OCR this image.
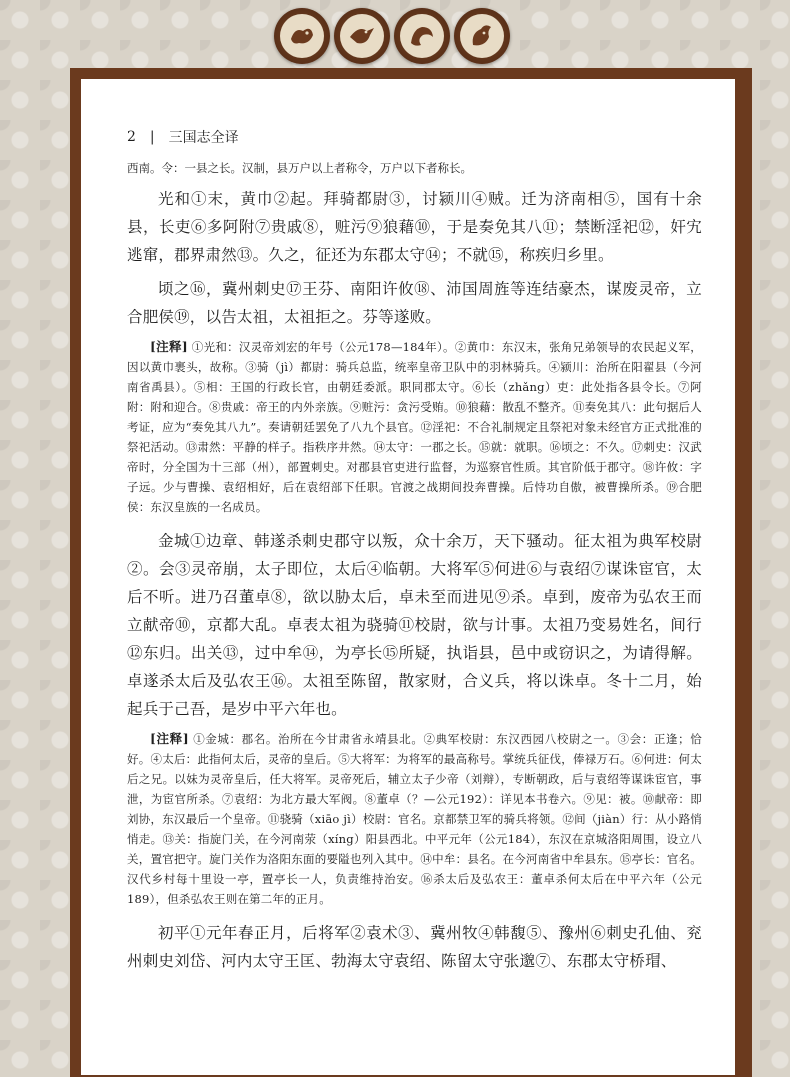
2 | 三国志全译
西南。令：一县之长。汉制，县万户以上者称令，万户以下者称长。

光和①末，黄巾②起。拜骑都尉③，讨颍川④贼。迁为济南相⑤，国有十余县，长吏⑥多阿附⑦贵戚⑧，赃污⑨狼藉⑩，于是奏免其八⑪；禁断淫祀⑫，奸宄逃窜，郡界肃然⑬。久之，征还为东郡太守⑭；不就⑮，称疾归乡里。

顷之⑯，冀州刺史⑰王芬、南阳许攸⑱、沛国周旌等连结豪杰，谋废灵帝，立合肥侯⑲，以告太祖，太祖拒之。芬等遂败。

[注释] ①光和：汉灵帝刘宏的年号（公元178—184年）。②黄巾：东汉末，张角兄弟领导的农民起义军，因以黄巾裹头，故称。③骑（jì）都尉：骑兵总监，统率皇帝卫队中的羽林骑兵。④颍川：治所在阳翟县（今河南省禹县）。⑤相：王国的行政长官，由朝廷委派。职同郡太守。⑥长（zhǎng）吏：此处指各县令长。⑦阿附：附和迎合。⑧贵戚：帝王的内外亲族。⑨赃污：贪污受贿。⑩狼藉：散乱不整齐。⑪奏免其八：此句据后人考证，应为“奏免其八九”。奏请朝廷罢免了八九个县官。⑫淫祀：不合礼制规定且祭祀对象未经官方正式批准的祭祀活动。⑬肃然：平静的样子。指秩序井然。⑭太守：一郡之长。⑮就：就职。⑯顷之：不久。⑰刺史：汉武帝时，分全国为十三部（州），部置刺史。对郡县官吏进行监督，为巡察官性质。其官阶低于郡守。⑱许攸：字子远。少与曹操、袁绍相好，后在袁绍部下任职。官渡之战期间投奔曹操。后恃功自傲，被曹操所杀。⑲合肥侯：东汉皇族的一名成员。

金城①边章、韩遂杀刺史郡守以叛，众十余万，天下骚动。征太祖为典军校尉②。会③灵帝崩，太子即位，太后④临朝。大将军⑤何进⑥与袁绍⑦谋诛宦官，太后不听。进乃召董卓⑧，欲以胁太后，卓未至而进见⑨杀。卓到，废帝为弘农王而立献帝⑩，京都大乱。卓表太祖为骁骑⑪校尉，欲与计事。太祖乃变易姓名，间行⑫东归。出关⑬，过中牟⑭，为亭长⑮所疑，执诣县，邑中或窃识之，为请得解。卓遂杀太后及弘农王⑯。太祖至陈留，散家财，合义兵，将以诛卓。冬十二月，始起兵于己吾，是岁中平六年也。

[注释] ①金城：郡名。治所在今甘肃省永靖县北。②典军校尉：东汉西园八校尉之一。③会：正逢；恰好。④太后：此指何太后，灵帝的皇后。⑤大将军：为将军的最高称号。掌统兵征伐，俸禄万石。⑥何进：何太后之兄。以妹为灵帝皇后，任大将军。灵帝死后，辅立太子少帝（刘辩），专断朝政，后与袁绍等谋诛宦官，事泄，为宦官所杀。⑦袁绍：为北方最大军阀。⑧董卓（？—公元192）：详见本书卷六。⑨见：被。⑩献帝：即刘协，东汉最后一个皇帝。⑪骁骑（xiāo jì）校尉：官名。京都禁卫军的骑兵将领。⑫间（jiàn）行：从小路悄悄走。⑬关：指旋门关，在今河南荥（xíng）阳县西北。中平元年（公元184），东汉在京城洛阳周围，设立八关，置官把守。旋门关作为洛阳东面的要隘也列入其中。⑭中牟：县名。在今河南省中牟县东。⑮亭长：官名。汉代乡村每十里设一亭，置亭长一人，负责维持治安。⑯杀太后及弘农王：董卓杀何太后在中平六年（公元189），但杀弘农王则在第二年的正月。

初平①元年春正月，后将军②袁术③、冀州牧④韩馥⑤、豫州⑥刺史孔伷、兖州刺史刘岱、河内太守王匡、勃海太守袁绍、陈留太守张邈⑦、东郡太守桥瑁、
